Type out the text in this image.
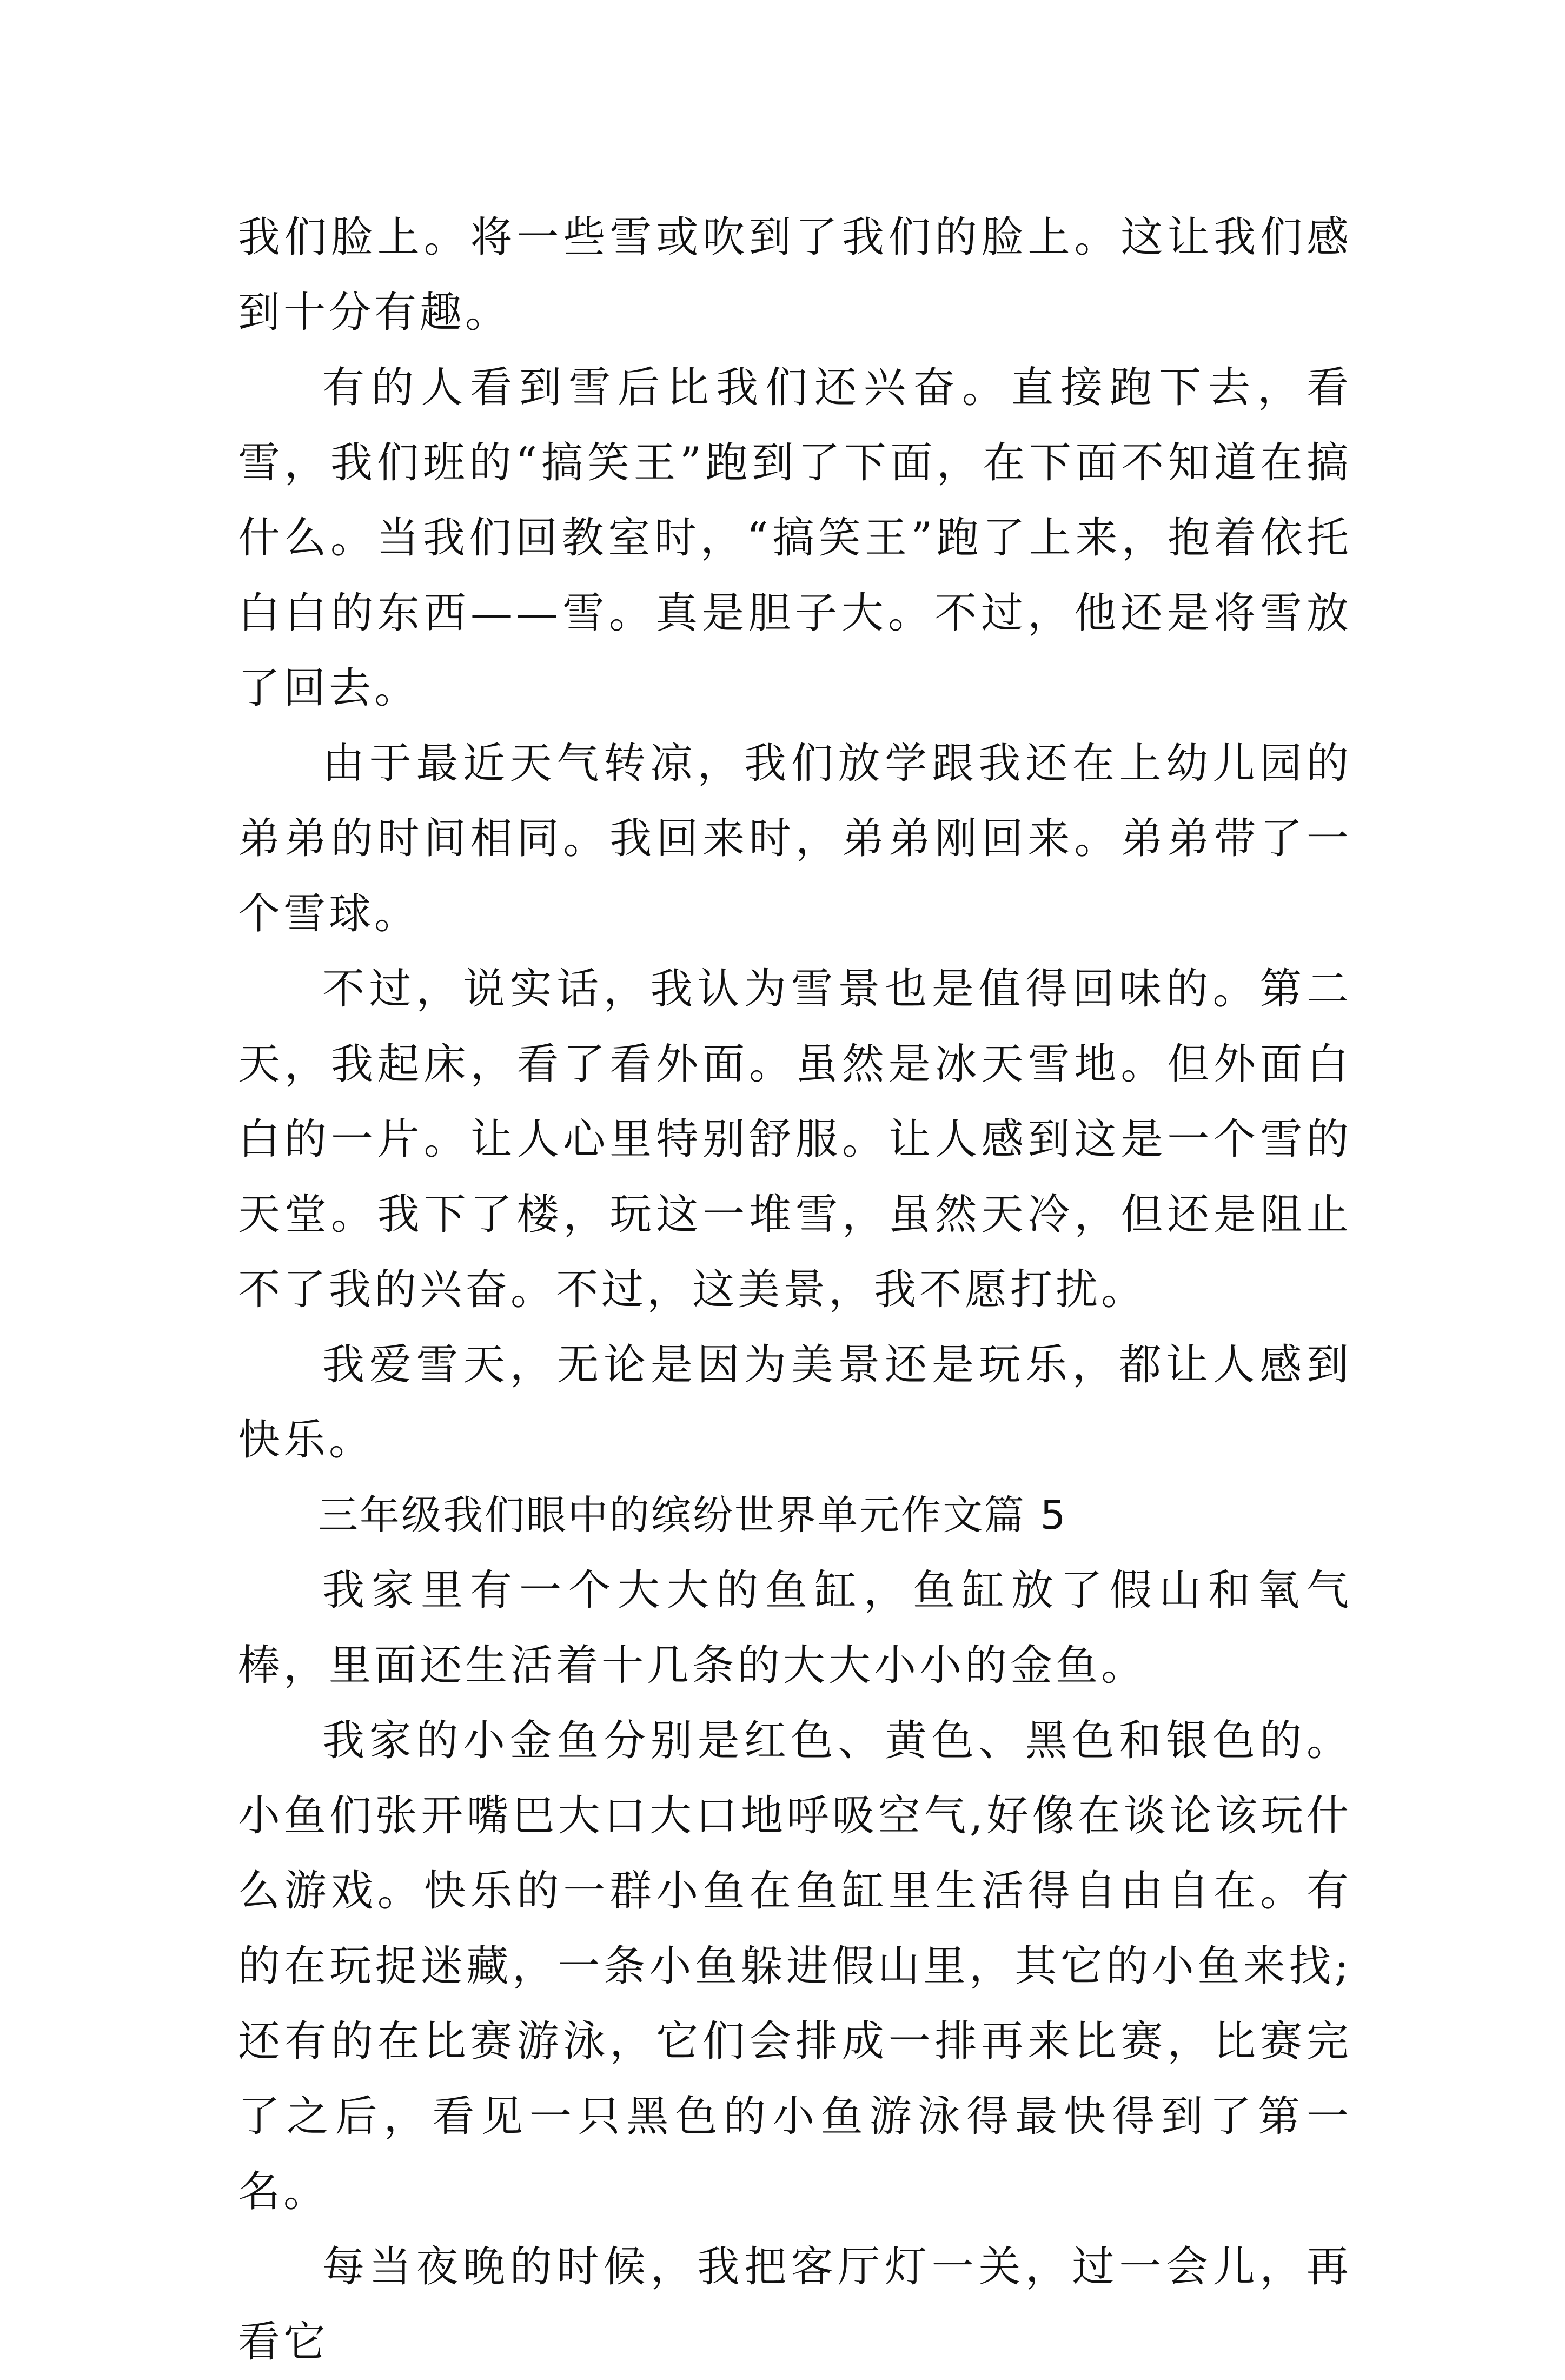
我们脸上。将一些雪或吹到了我们的脸上。这让我们感到十分有趣。

有的人看到雪后比我们还兴奋。直接跑下去，看雪，我们班的“搞笑王”跑到了下面，在下面不知道在搞什么。当我们回教室时，“搞笑王”跑了上来，抱着依托白白的东西——雪。真是胆子大。不过，他还是将雪放了回去。

由于最近天气转凉，我们放学跟我还在上幼儿园的弟弟的时间相同。我回来时，弟弟刚回来。弟弟带了一个雪球。

不过，说实话，我认为雪景也是值得回味的。第二天，我起床，看了看外面。虽然是冰天雪地。但外面白白的一片。让人心里特别舒服。让人感到这是一个雪的天堂。我下了楼，玩这一堆雪，虽然天冷，但还是阻止不了我的兴奋。不过，这美景，我不愿打扰。

我爱雪天，无论是因为美景还是玩乐，都让人感到快乐。

三年级我们眼中的缤纷世界单元作文篇 5

我家里有一个大大的鱼缸，鱼缸放了假山和氧气棒，里面还生活着十几条的大大小小的金鱼。

我家的小金鱼分别是红色、黄色、黑色和银色的。小鱼们张开嘴巴大口大口地呼吸空气,好像在谈论该玩什么游戏。快乐的一群小鱼在鱼缸里生活得自由自在。有的在玩捉迷藏，一条小鱼躲进假山里，其它的小鱼来找;还有的在比赛游泳，它们会排成一排再来比赛，比赛完了之后，看见一只黑色的小鱼游泳得最快得到了第一名。

每当夜晚的时候，我把客厅灯一关，过一会儿，再看它
